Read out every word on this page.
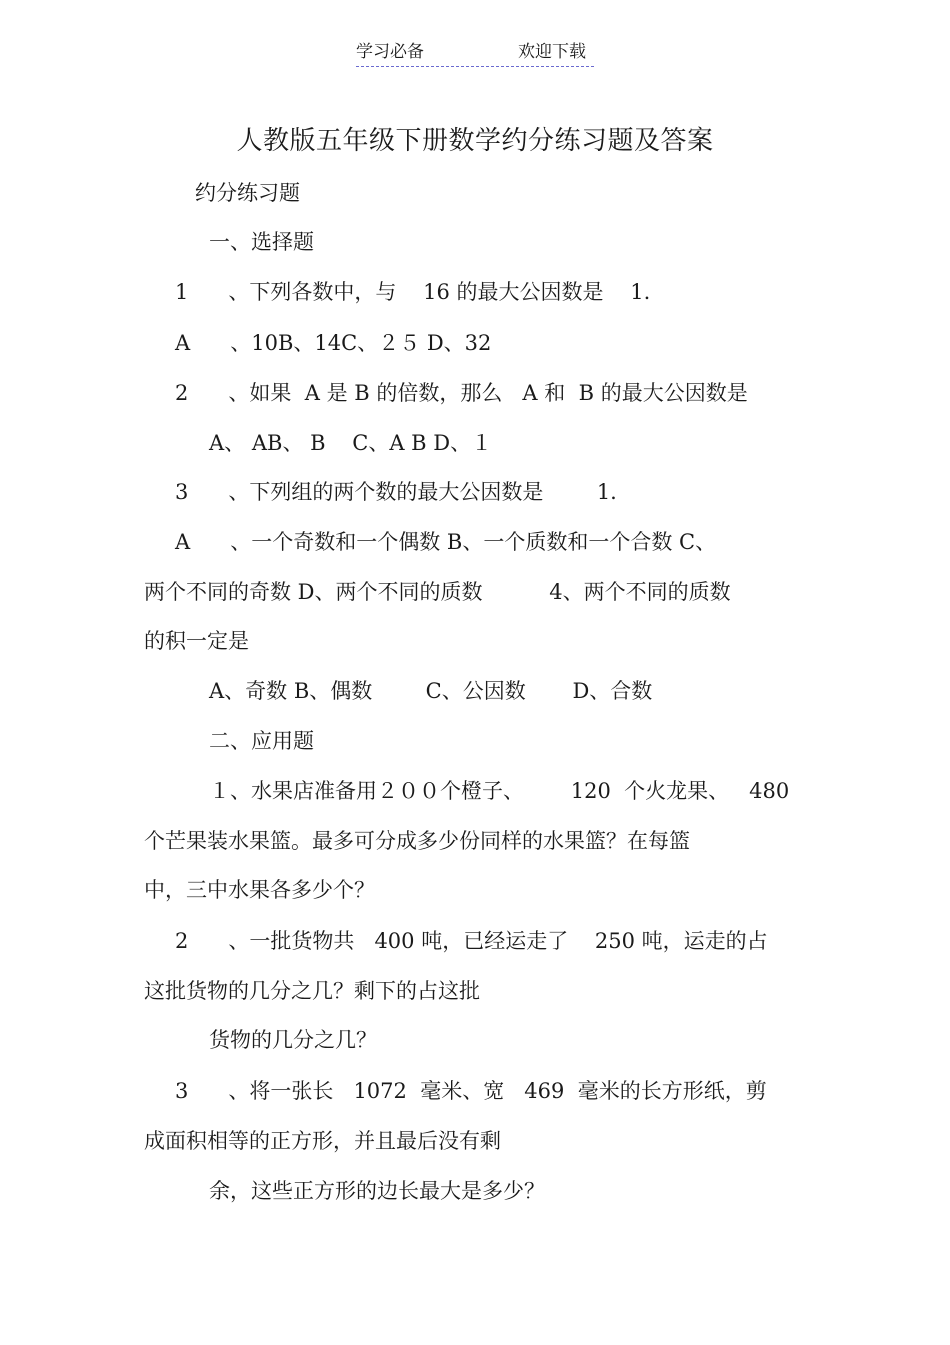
学习必备	欢迎下载
人教版五年级下册数学约分练习题及答案
约分练习题
一、选择题
1      、下列各数中，与    16 的最大公因数是    1.
A      、10B、14C、２５ D、32
2      、如果  A 是 B 的倍数，那么   A 和  B 的最大公因数是
A、 AB、 B    C、A B D、１
3      、下列组的两个数的最大公因数是        1.
A      、一个奇数和一个偶数 B、一个质数和一个合数 C、
两个不同的奇数 D、两个不同的质数          4、两个不同的质数
的积一定是
A、奇数 B、偶数        C、公因数       D、合数
二、应用题
１、水果店准备用２００个橙子、       120  个火龙果、   480
个芒果装水果篮。最多可分成多少份同样的水果篮？在每篮
中，三中水果各多少个？
2      、一批货物共   400 吨，已经运走了    250 吨，运走的占
这批货物的几分之几？剩下的占这批
货物的几分之几？
3      、将一张长   1072  毫米、宽   469  毫米的长方形纸，剪
成面积相等的正方形，并且最后没有剩
余，这些正方形的边长最大是多少？
